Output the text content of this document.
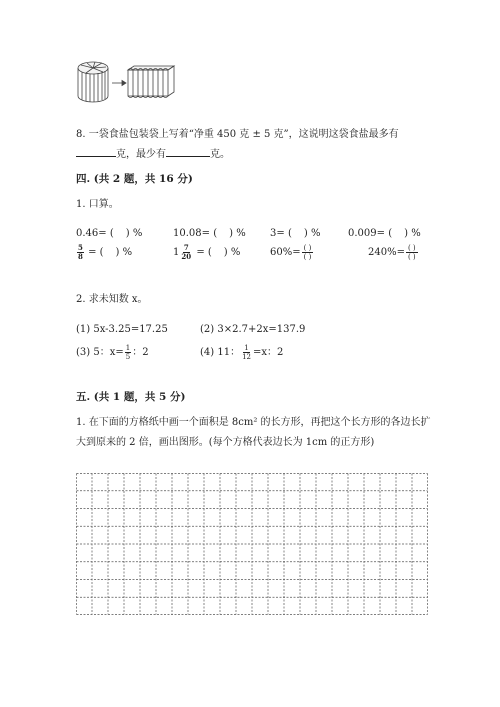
8. 一袋食盐包装袋上写着“净重 450 克 ± 5 克”，这说明这袋食盐最多有
克，最少有	克。
四. (共 2 题，共 16 分)
1. 口算。
0.46= ( ) %	10.08= ( ) % 3= ( ) %	0.009= ( ) %
$\frac{5}{8}$ = ( ) %	$1 \frac{7}{20}$ = ( ) %	$60\%= \frac{( )}{( )}$	$240\%= \frac{( )}{( )}$
2. 求未知数 x。
(1) 5x-3.25=17.25	(2) 3×2.7+2x=137.9
(3) 5：$x= \frac{1}{5}$ ：2	(4) 11： $\frac{1}{12} =x$：2
五. (共 1 题，共 5 分)
1. 在下面的方格纸中画一个面积是 8cm² 的长方形，再把这个长方形的各边长扩
大到原来的 2 倍，画出图形。(每个方格代表边长为 1cm 的正方形)
